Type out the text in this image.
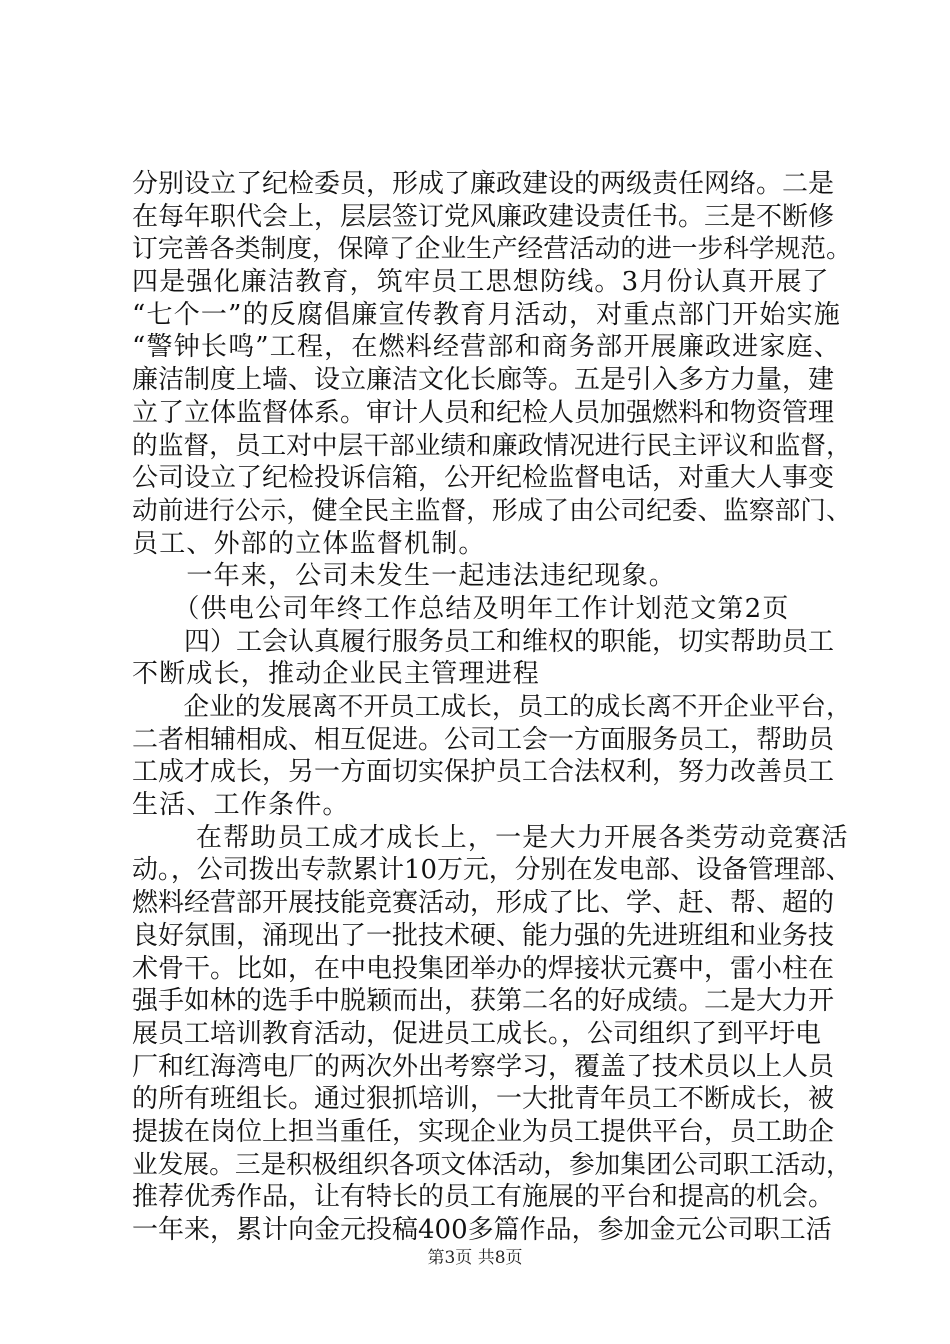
分别设立了纪检委员，形成了廉政建设的两级责任网络。二是
在每年职代会上，层层签订党风廉政建设责任书。三是不断修
订完善各类制度，保障了企业生产经营活动的进一步科学规范。
四是强化廉洁教育，筑牢员工思想防线。3月份认真开展了
“七个一”的反腐倡廉宣传教育月活动，对重点部门开始实施
“警钟长鸣”工程，在燃料经营部和商务部开展廉政进家庭、
廉洁制度上墙、设立廉洁文化长廊等。五是引入多方力量，建
立了立体监督体系。审计人员和纪检人员加强燃料和物资管理
的监督，员工对中层干部业绩和廉政情况进行民主评议和监督，
公司设立了纪检投诉信箱，公开纪检监督电话，对重大人事变
动前进行公示，健全民主监督，形成了由公司纪委、监察部门、
员工、外部的立体监督机制。
　　一年来，公司未发生一起违法违纪现象。
　　（供电公司年终工作总结及明年工作计划范文第2页
　　四）工会认真履行服务员工和维权的职能，切实帮助员工
不断成长，推动企业民主管理进程
　　企业的发展离不开员工成长，员工的成长离不开企业平台，
二者相辅相成、相互促进。公司工会一方面服务员工，帮助员
工成才成长，另一方面切实保护员工合法权利，努力改善员工
生活、工作条件。
　　 在帮助员工成才成长上，一是大力开展各类劳动竞赛活
动。，公司拨出专款累计10万元，分别在发电部、设备管理部、
燃料经营部开展技能竞赛活动，形成了比、学、赶、帮、超的
良好氛围，涌现出了一批技术硬、能力强的先进班组和业务技
术骨干。比如，在中电投集团举办的焊接状元赛中，雷小柱在
强手如林的选手中脱颖而出，获第二名的好成绩。二是大力开
展员工培训教育活动，促进员工成长。，公司组织了到平圩电
厂和红海湾电厂的两次外出考察学习，覆盖了技术员以上人员
的所有班组长。通过狠抓培训，一大批青年员工不断成长，被
提拔在岗位上担当重任，实现企业为员工提供平台，员工助企
业发展。三是积极组织各项文体活动，参加集团公司职工活动，
推荐优秀作品，让有特长的员工有施展的平台和提高的机会。
一年来，累计向金元投稿400多篇作品，参加金元公司职工活
第3页 共8页
